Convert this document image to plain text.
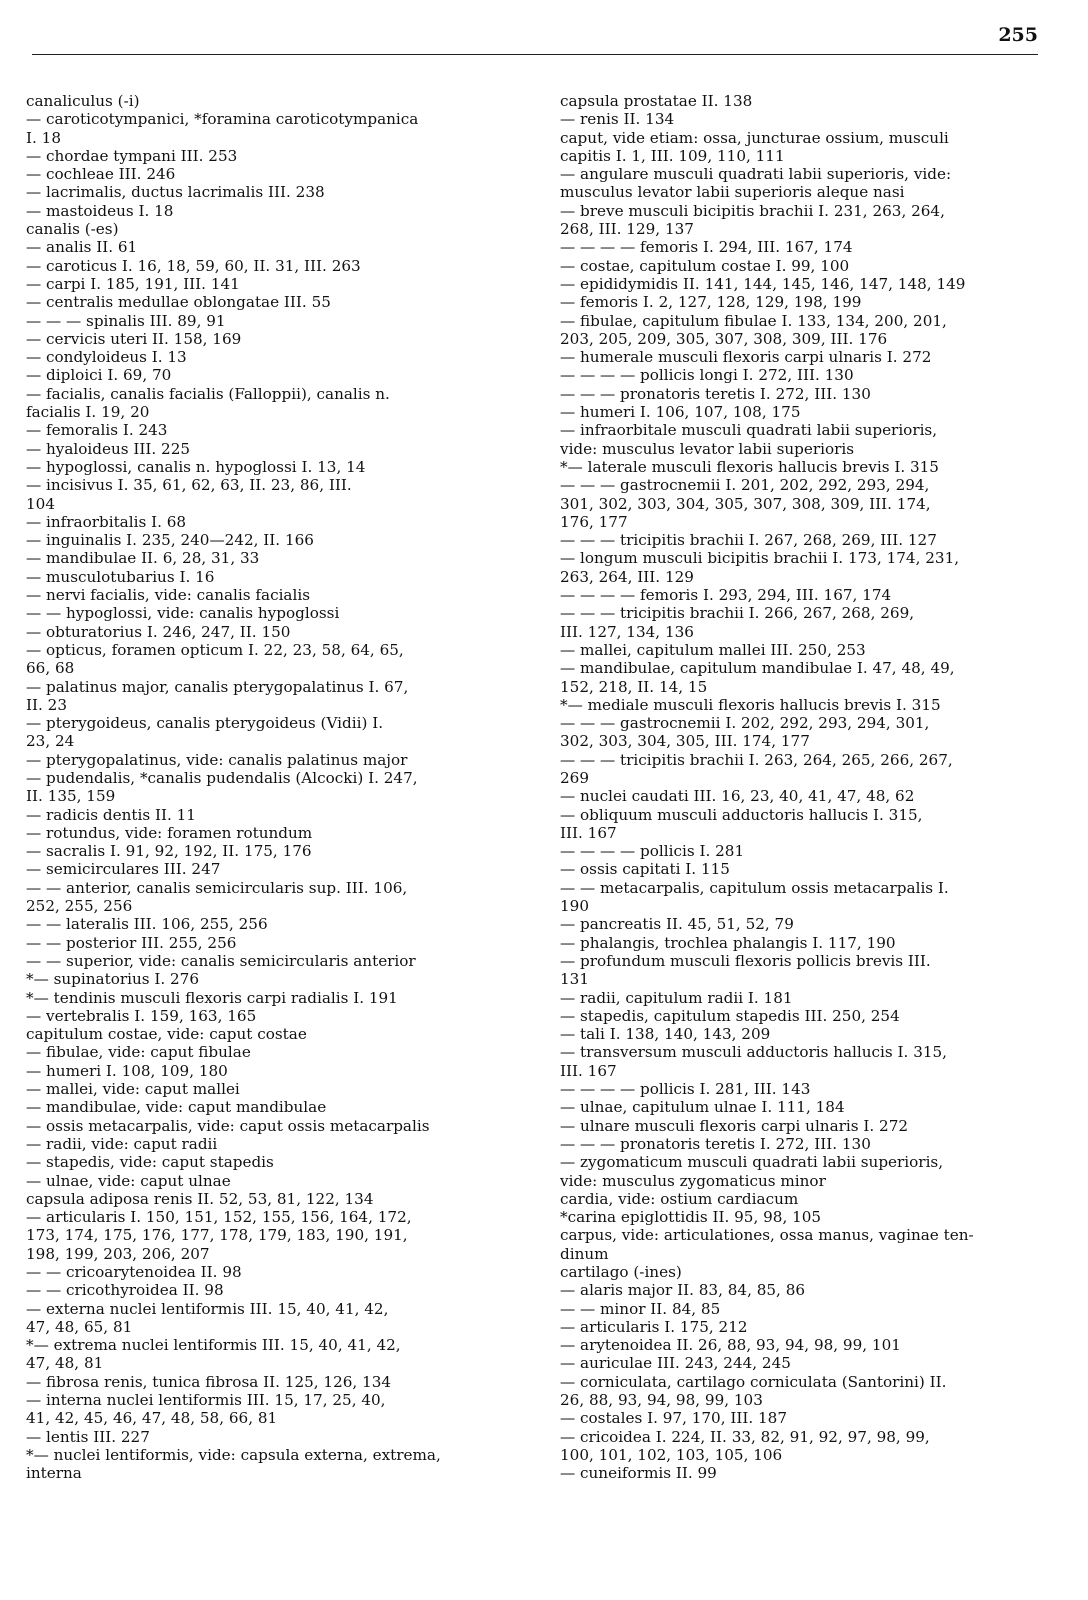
255
canaliculus (-i)
— caroticotympanici, *foramina caroticotympanica
I. 18
— chordae tympani III. 253
— cochleae III. 246
— lacrimalis, ductus lacrimalis III. 238
— mastoideus I. 18
canalis (-es)
— analis II. 61
— caroticus I. 16, 18, 59, 60, II. 31, III. 263
— carpi I. 185, 191, III. 141
— centralis medullae oblongatae III. 55
— — — spinalis III. 89, 91
— cervicis uteri II. 158, 169
— condyloideus I. 13
— diploici I. 69, 70
— facialis, canalis facialis (Falloppii), canalis n.
facialis I. 19, 20
— femoralis I. 243
— hyaloideus III. 225
— hypoglossi, canalis n. hypoglossi I. 13, 14
— incisivus I. 35, 61, 62, 63, II. 23, 86, III.
104
— infraorbitalis I. 68
— inguinalis I. 235, 240—242, II. 166
— mandibulae II. 6, 28, 31, 33
— musculotubarius I. 16
— nervi facialis, vide: canalis facialis
— — hypoglossi, vide: canalis hypoglossi
— obturatorius I. 246, 247, II. 150
— opticus, foramen opticum I. 22, 23, 58, 64, 65,
66, 68
— palatinus major, canalis pterygopalatinus I. 67,
II. 23
— pterygoideus, canalis pterygoideus (Vidii) I.
23, 24
— pterygopalatinus, vide: canalis palatinus major
— pudendalis, *canalis pudendalis (Alcocki) I. 247,
II. 135, 159
— radicis dentis II. 11
— rotundus, vide: foramen rotundum
— sacralis I. 91, 92, 192, II. 175, 176
— semicirculares III. 247
— — anterior, canalis semicircularis sup. III. 106,
252, 255, 256
— — lateralis III. 106, 255, 256
— — posterior III. 255, 256
— — superior, vide: canalis semicircularis anterior
*— supinatorius I. 276
*— tendinis musculi flexoris carpi radialis I. 191
— vertebralis I. 159, 163, 165
capitulum costae, vide: caput costae
— fibulae, vide: caput fibulae
— humeri I. 108, 109, 180
— mallei, vide: caput mallei
— mandibulae, vide: caput mandibulae
— ossis metacarpalis, vide: caput ossis metacarpalis
— radii, vide: caput radii
— stapedis, vide: caput stapedis
— ulnae, vide: caput ulnae
capsula adiposa renis II. 52, 53, 81, 122, 134
— articularis I. 150, 151, 152, 155, 156, 164, 172,
173, 174, 175, 176, 177, 178, 179, 183, 190, 191,
198, 199, 203, 206, 207
— — cricoarytenoidea II. 98
— — cricothyroidea II. 98
— externa nuclei lentiformis III. 15, 40, 41, 42,
47, 48, 65, 81
*— extrema nuclei lentiformis III. 15, 40, 41, 42,
47, 48, 81
— fibrosa renis, tunica fibrosa II. 125, 126, 134
— interna nuclei lentiformis III. 15, 17, 25, 40,
41, 42, 45, 46, 47, 48, 58, 66, 81
— lentis III. 227
*— nuclei lentiformis, vide: capsula externa, extrema,
interna
capsula prostatae II. 138
— renis II. 134
caput, vide etiam: ossa, juncturae ossium, musculi
capitis I. 1, III. 109, 110, 111
— angulare musculi quadrati labii superioris, vide:
musculus levator labii superioris aleque nasi
— breve musculi bicipitis brachii I. 231, 263, 264,
268, III. 129, 137
— — — — femoris I. 294, III. 167, 174
— costae, capitulum costae I. 99, 100
— epididymidis II. 141, 144, 145, 146, 147, 148, 149
— femoris I. 2, 127, 128, 129, 198, 199
— fibulae, capitulum fibulae I. 133, 134, 200, 201,
203, 205, 209, 305, 307, 308, 309, III. 176
— humerale musculi flexoris carpi ulnaris I. 272
— — — — pollicis longi I. 272, III. 130
— — — pronatoris teretis I. 272, III. 130
— humeri I. 106, 107, 108, 175
— infraorbitale musculi quadrati labii superioris,
vide: musculus levator labii superioris
*— laterale musculi flexoris hallucis brevis I. 315
— — — gastrocnemii I. 201, 202, 292, 293, 294,
301, 302, 303, 304, 305, 307, 308, 309, III. 174,
176, 177
— — — tricipitis brachii I. 267, 268, 269, III. 127
— longum musculi bicipitis brachii I. 173, 174, 231,
263, 264, III. 129
— — — — femoris I. 293, 294, III. 167, 174
— — — tricipitis brachii I. 266, 267, 268, 269,
III. 127, 134, 136
— mallei, capitulum mallei III. 250, 253
— mandibulae, capitulum mandibulae I. 47, 48, 49,
152, 218, II. 14, 15
*— mediale musculi flexoris hallucis brevis I. 315
— — — gastrocnemii I. 202, 292, 293, 294, 301,
302, 303, 304, 305, III. 174, 177
— — — tricipitis brachii I. 263, 264, 265, 266, 267,
269
— nuclei caudati III. 16, 23, 40, 41, 47, 48, 62
— obliquum musculi adductoris hallucis I. 315,
III. 167
— — — — pollicis I. 281
— ossis capitati I. 115
— — metacarpalis, capitulum ossis metacarpalis I.
190
— pancreatis II. 45, 51, 52, 79
— phalangis, trochlea phalangis I. 117, 190
— profundum musculi flexoris pollicis brevis III.
131
— radii, capitulum radii I. 181
— stapedis, capitulum stapedis III. 250, 254
— tali I. 138, 140, 143, 209
— transversum musculi adductoris hallucis I. 315,
III. 167
— — — — pollicis I. 281, III. 143
— ulnae, capitulum ulnae I. 111, 184
— ulnare musculi flexoris carpi ulnaris I. 272
— — — pronatoris teretis I. 272, III. 130
— zygomaticum musculi quadrati labii superioris,
vide: musculus zygomaticus minor
cardia, vide: ostium cardiacum
*carina epiglottidis II. 95, 98, 105
carpus, vide: articulationes, ossa manus, vaginae ten-
dinum
cartilago (-ines)
— alaris major II. 83, 84, 85, 86
— — minor II. 84, 85
— articularis I. 175, 212
— arytenoidea II. 26, 88, 93, 94, 98, 99, 101
— auriculae III. 243, 244, 245
— corniculata, cartilago corniculata (Santorini) II.
26, 88, 93, 94, 98, 99, 103
— costales I. 97, 170, III. 187
— cricoidea I. 224, II. 33, 82, 91, 92, 97, 98, 99,
100, 101, 102, 103, 105, 106
— cuneiformis II. 99
